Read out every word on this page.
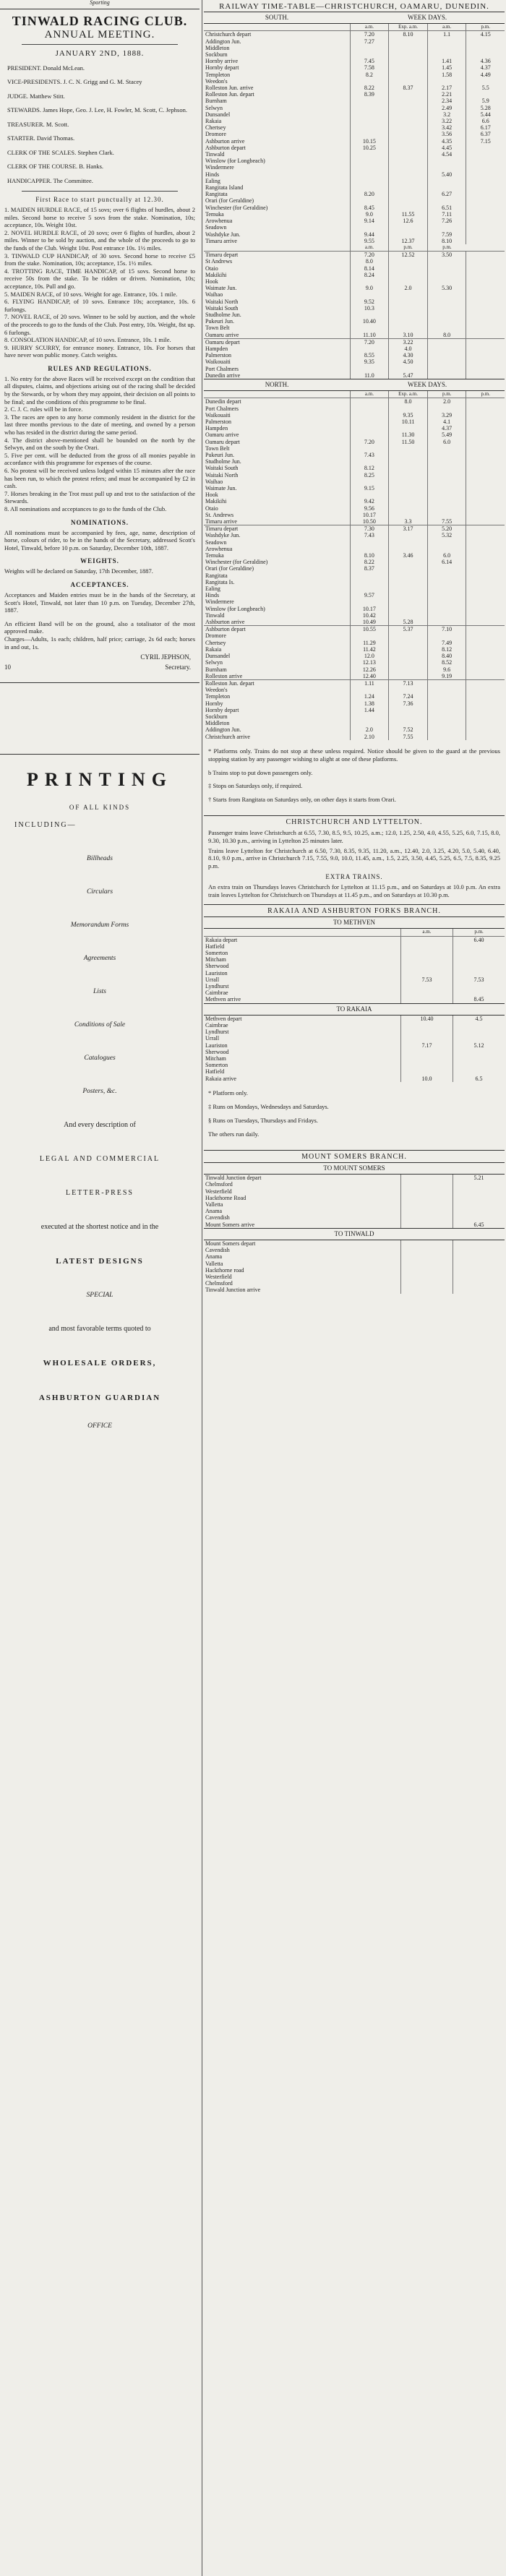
Sporting
TINWALD RACING CLUB.
ANNUAL MEETING.
JANUARY 2ND, 1888.

PRESIDENT. Donald McLean.

VICE-PRESIDENTS. J. C. N. Grigg and G. M. Stacey

JUDGE. Matthew Stitt.

STEWARDS. James Hope, Geo. J. Lee, H. Fowler, M. Scott, C. Jephson.

TREASURER. M. Scott.

STARTER. David Thomas.

CLERK OF THE SCALES. Stephen Clark.

CLERK OF THE COURSE. B. Hanks.

HANDICAPPER. The Committee.

First Race to start punctually at 12.30.

1. MAIDEN HURDLE RACE, of 15 sovs; over 6 flights of hurdles, about 2 miles. Second horse to receive 5 sovs from the stake. Nomination, 10s; acceptance, 10s. Weight 10st.

2. NOVEL HURDLE RACE, of 20 sovs; over 6 flights of hurdles, about 2 miles. Winner to be sold by auction, and the whole of the proceeds to go to the funds of the Club. Weight 10st. Post entrance 10s. 1½ miles.

3. TINWALD CUP HANDICAP, of 30 sovs. Second horse to receive £5 from the stake. Nomination, 10s; acceptance, 15s. 1½ miles.

4. TROTTING RACE, TIME HANDICAP, of 15 sovs. Second horse to receive 50s from the stake. To be ridden or driven. Nomination, 10s; acceptance, 10s. Pull and go.

5. MAIDEN RACE, of 10 sovs. Weight for age. Entrance, 10s. 1 mile.

6. FLYING HANDICAP, of 10 sovs. Entrance 10s; acceptance, 10s. 6 furlongs.

7. NOVEL RACE, of 20 sovs. Winner to be sold by auction, and the whole of the proceeds to go to the funds of the Club. Post entry, 10s. Weight, 8st up. 6 furlongs.

8. CONSOLATION HANDICAP, of 10 sovs. Entrance, 10s. 1 mile.

9. HURRY SCURRY, for entrance money. Entrance, 10s. For horses that have never won public money. Catch weights.

RULES AND REGULATIONS.

1. No entry for the above Races will be received except on the condition that all disputes, claims, and objections arising out of the racing shall be decided by the Stewards, or by whom they may appoint, their decision on all points to be final; and the conditions of this programme to be final.

2. C. J. C. rules will be in force.

3. The races are open to any horse commonly resident in the district for the last three months previous to the date of meeting, and owned by a person who has resided in the district during the same period.

4. The district above-mentioned shall be bounded on the north by the Selwyn, and on the south by the Orari.

5. Five per cent. will be deducted from the gross of all monies payable in accordance with this programme for expenses of the course.

6. No protest will be received unless lodged within 15 minutes after the race has been run, to which the protest refers; and must be accompanied by £2 in cash.

7. Horses breaking in the Trot must pull up and trot to the satisfaction of the Stewards.

8. All nominations and acceptances to go to the funds of the Club.

NOMINATIONS.
All nominations must be accompanied by fees, age, name, description of horse, colours of rider, to be in the hands of the Secretary, addressed Scott's Hotel, Tinwald, before 10 p.m. on Saturday, December 10th, 1887.
WEIGHTS.
Weights will be declared on Saturday, 17th December, 1887.
ACCEPTANCES.
Acceptances and Maiden entries must be in the hands of the Secretary, at Scott's Hotel, Tinwald, not later than 10 p.m. on Tuesday, December 27th, 1887.
An efficient Band will be on the ground, also a totalisator of the most approved make.
Charges—Adults, 1s each; children, half price; carriage, 2s 6d each; horses in and out, 1s.
CYRIL JEPHSON,
10	Secretary.
PRINTING
OF ALL KINDS
INCLUDING—
Billheads
Circulars
Memorandum Forms
Agreements
Lists
Conditions of Sale
Catalogues
Posters, &c.
And every description of
LEGAL AND COMMERCIAL
LETTER-PRESS
executed at the shortest notice and in the
LATEST DESIGNS
SPECIAL
and most favorable terms quoted to
WHOLESALE ORDERS,
ASHBURTON GUARDIAN
OFFICE
RAILWAY TIME-TABLE—CHRISTCHURCH, OAMARU, DUNEDIN.
SOUTH.	WEEK DAYS.			
	a.m.	Exp. a.m.	a.m.	p.m.
Christchurch depart	7.20	8.10	1.1	4.15
Addington Jun.	7.27			
Middleton				
Sockburn				
Hornby arrive	7.45		1.41	4.36
Hornby depart	7.58		1.45	4.37
Templeton	8.2		1.58	4.49
Weedon's				
Rolleston Jun. arrive	8.22	8.37	2.17	5.5
Rolleston Jun. depart	8.39		2.21	
Burnham			2.34	5.9
Selwyn			2.49	5.28
Dunsandel			3.2	5.44
Rakaia			3.22	6.6
Chertsey			3.42	6.17
Dromore			3.56	6.37
Ashburton arrive	10.15		4.35	7.15
Ashburton depart	10.25		4.45	
Tinwald			4.54	
Winslow (for Longbeach)				
Windermere				
Hinds			5.40	
Ealing				
Rangitata Island				
Rangitata	8.20		6.27	
Orari (for Geraldine)				
Winchester (for Geraldine)	8.45		6.51	
Temuka	9.0	11.55	7.11	
Arowhenua	9.14	12.6	7.26	
Seadown				
Washdyke Jun.	9.44		7.59	
Timaru arrive	9.55	12.37	8.10	
	a.m.	p.m.	p.m.	
Timaru depart	7.20	12.52	3.50	
St Andrews	8.0			
Otaio	8.14			
Makikihi	8.24			
Hook				
Waimate Jun.	9.0	2.0	5.30	
Waihao				
Waitaki North	9.52			
Waitaki South	10.3			
Studholme Jun.				
Pukeuri Jun.	10.40			
Town Belt				
Oamaru arrive	11.10	3.10	8.0	
Oamaru depart	7.20	3.22		
Hampden		4.0		
Palmerston	8.55	4.30		
Waikouaiti	9.35	4.50		
Port Chalmers				
Dunedin arrive	11.0	5.47		
NORTH.	WEEK DAYS.			
	a.m.	Exp. a.m.	p.m.	p.m.
Dunedin depart		8.0	2.0	
Port Chalmers				
Waikouaiti		9.35	3.29	
Palmerston		10.11	4.1	
Hampden			4.37	
Oamaru arrive		11.30	5.49	
Oamaru depart	7.20	11.50	6.0	
Town Belt				
Pukeuri Jun.	7.43			
Studholme Jun.				
Waitaki South	8.12			
Waitaki North	8.25			
Waihao				
Waimate Jun.	9.15			
Hook				
Makikihi	9.42			
Otaio	9.56			
St. Andrews	10.17			
Timaru arrive	10.50	3.3	7.55	
Timaru depart	7.30	3.17	5.20	
Washdyke Jun.	7.43		5.32	
Seadown				
Arowhenua				
Temuka	8.10	3.46	6.0	
Winchester (for Geraldine)	8.22		6.14	
Orari (for Geraldine)	8.37			
Rangitata				
Rangitata Is.				
Ealing				
Hinds	9.57			
Windermere				
Winslow (for Longbeach)	10.17			
Tinwald	10.42			
Ashburton arrive	10.49	5.28		
Ashburton depart	10.55	5.37	7.10	
Dromore				
Chertsey	11.29		7.49	
Rakaia	11.42		8.12	
Dunsandel	12.0		8.40	
Selwyn	12.13		8.52	
Burnham	12.26		9.6	
Rolleston arrive	12.40		9.19	
Rolleston Jun. depart	1.11	7.13		
Weedon's				
Templeton	1.24	7.24		
Hornby	1.38	7.36		
Hornby depart	1.44			
Sockburn				
Middleton				
Addington Jun.	2.0	7.52		
Christchurch arrive	2.10	7.55		

* Platforms only. Trains do not stop at these unless required. Notice should be given to the guard at the previous stopping station by any passenger wishing to alight at one of these platforms.

b Trains stop to put down passengers only.

‡ Stops on Saturdays only, if required.

† Starts from Rangitata on Saturdays only, on other days it starts from Orari.

CHRISTCHURCH AND LYTTELTON.
Passenger trains leave Christchurch at 6.55, 7.30, 8.5, 9.5, 10.25, a.m.; 12.0, 1.25, 2.50, 4.0, 4.55, 5.25, 6.0, 7.15, 8.0, 9.30, 10.30 p.m., arriving in Lyttelton 25 minutes later.
Trains leave Lyttelton for Christchurch at 6.50, 7.30, 8.35, 9.35, 11.20, a.m., 12.40, 2.0, 3.25, 4.20, 5.0, 5.40, 6.40, 8.10, 9.0 p.m., arrive in Christchurch 7.15, 7.55, 9.0, 10.0, 11.45, a.m., 1.5, 2.25, 3.50, 4.45, 5.25, 6.5, 7.5, 8.35, 9.25 p.m.
EXTRA TRAINS.
An extra train on Thursdays leaves Christchurch for Lyttelton at 11.15 p.m., and on Saturdays at 10.0 p.m. An extra train leaves Lyttelton for Christchurch on Thursdays at 11.45 p.m., and on Saturdays at 10.30 p.m.
RAKAIA AND ASHBURTON FORKS BRANCH.
TO METHVEN		
	a.m.	p.m.
Rakaia depart		6.40
Hatfield		
Somerton		
Mitcham		
Sherwood		
Lauriston		
Urrall	7.53	7.53
Lyndhurst		
Cairnbrae		
Methven arrive		8.45
TO RAKAIA		
Methven depart	10.40	4.5
Cairnbrae		
Lyndhurst		
Urrall		
Lauriston	7.17	5.12
Sherwood		
Mitcham		
Somerton		
Hatfield		
Rakaia arrive	10.0	6.5

* Platform only.

‡ Runs on Mondays, Wednesdays and Saturdays.

§ Runs on Tuesdays, Thursdays and Fridays.

The others run daily.

MOUNT SOMERS BRANCH.
TO MOUNT SOMERS		
Tinwald Junction depart		5.21
Chelmsford		
Westerfield		
Hackthorne Road		
Valletta		
Anama		
Cavendish		
Mount Somers arrive		6.45
TO TINWALD		
Mount Somers depart		
Cavendish		
Anama		
Valletta		
Hackthorne road		
Westerfield		
Chelmsford		
Tinwald Junction arrive		
